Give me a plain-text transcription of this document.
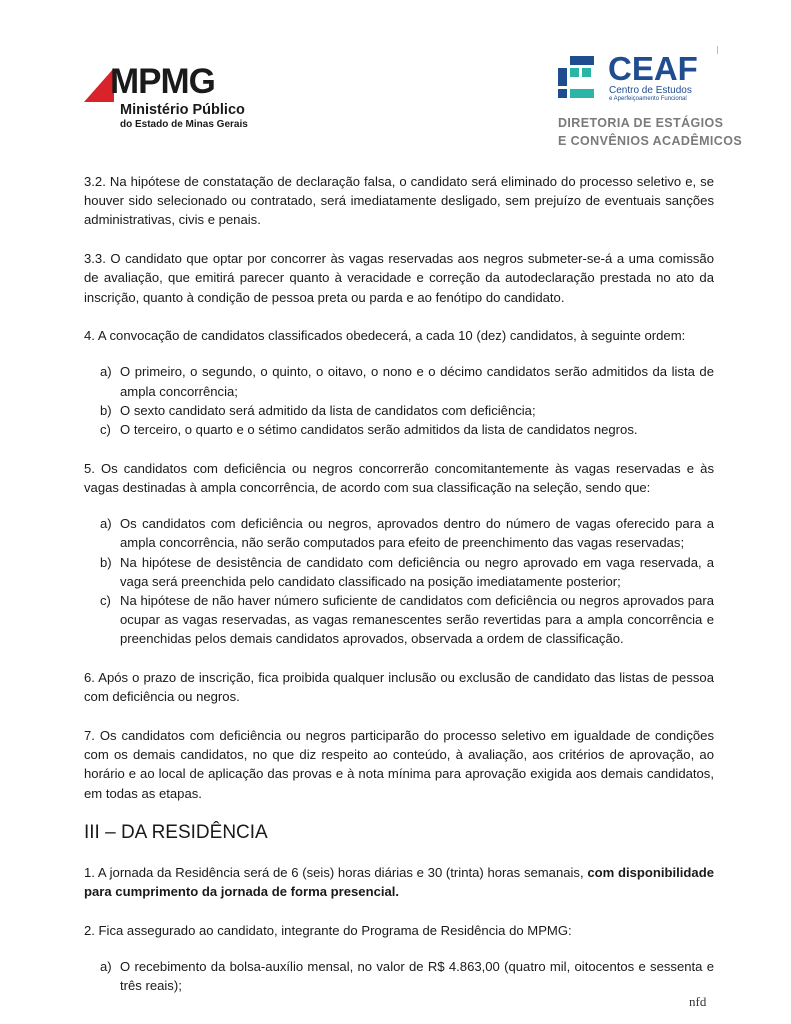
MPMG
Ministério Público
do Estado de Minas Gerais
CEAF
Centro de Estudos
e Aperfeiçoamento Funcional
DIRETORIA DE ESTÁGIOS
E CONVÊNIOS ACADÊMICOS

3.2. Na hipótese de constatação de declaração falsa, o candidato será eliminado do processo seletivo e, se houver sido selecionado ou contratado, será imediatamente desligado, sem prejuízo de eventuais sanções administrativas, civis e penais.

3.3. O candidato que optar por concorrer às vagas reservadas aos negros submeter-se-á a uma comissão de avaliação, que emitirá parecer quanto à veracidade e correção da autodeclaração prestada no ato da inscrição, quanto à condição de pessoa preta ou parda e ao fenótipo do candidato.

4. A convocação de candidatos classificados obedecerá, a cada 10 (dez) candidatos, à seguinte ordem:

a) O primeiro, o segundo, o quinto, o oitavo, o nono e o décimo candidatos serão admitidos da lista de ampla concorrência;
b) O sexto candidato será admitido da lista de candidatos com deficiência;
c) O terceiro, o quarto e o sétimo candidatos serão admitidos da lista de candidatos negros.

5. Os candidatos com deficiência ou negros concorrerão concomitantemente às vagas reservadas e às vagas destinadas à ampla concorrência, de acordo com sua classificação na seleção, sendo que:

a) Os candidatos com deficiência ou negros, aprovados dentro do número de vagas oferecido para a ampla concorrência, não serão computados para efeito de preenchimento das vagas reservadas;
b) Na hipótese de desistência de candidato com deficiência ou negro aprovado em vaga reservada, a vaga será preenchida pelo candidato classificado na posição imediatamente posterior;
c) Na hipótese de não haver número suficiente de candidatos com deficiência ou negros aprovados para ocupar as vagas reservadas, as vagas remanescentes serão revertidas para a ampla concorrência e preenchidas pelos demais candidatos aprovados, observada a ordem de classificação.

6. Após o prazo de inscrição, fica proibida qualquer inclusão ou exclusão de candidato das listas de pessoa com deficiência ou negros.

7. Os candidatos com deficiência ou negros participarão do processo seletivo em igualdade de condições com os demais candidatos, no que diz respeito ao conteúdo, à avaliação, aos critérios de aprovação, ao horário e ao local de aplicação das provas e à nota mínima para aprovação exigida aos demais candidatos, em todas as etapas.

III – DA RESIDÊNCIA

1. A jornada da Residência será de 6 (seis) horas diárias e 30 (trinta) horas semanais, com disponibilidade para cumprimento da jornada de forma presencial.

2. Fica assegurado ao candidato, integrante do Programa de Residência do MPMG:

a) O recebimento da bolsa-auxílio mensal, no valor de R$ 4.863,00 (quatro mil, oitocentos e sessenta e três reais);
nfd
